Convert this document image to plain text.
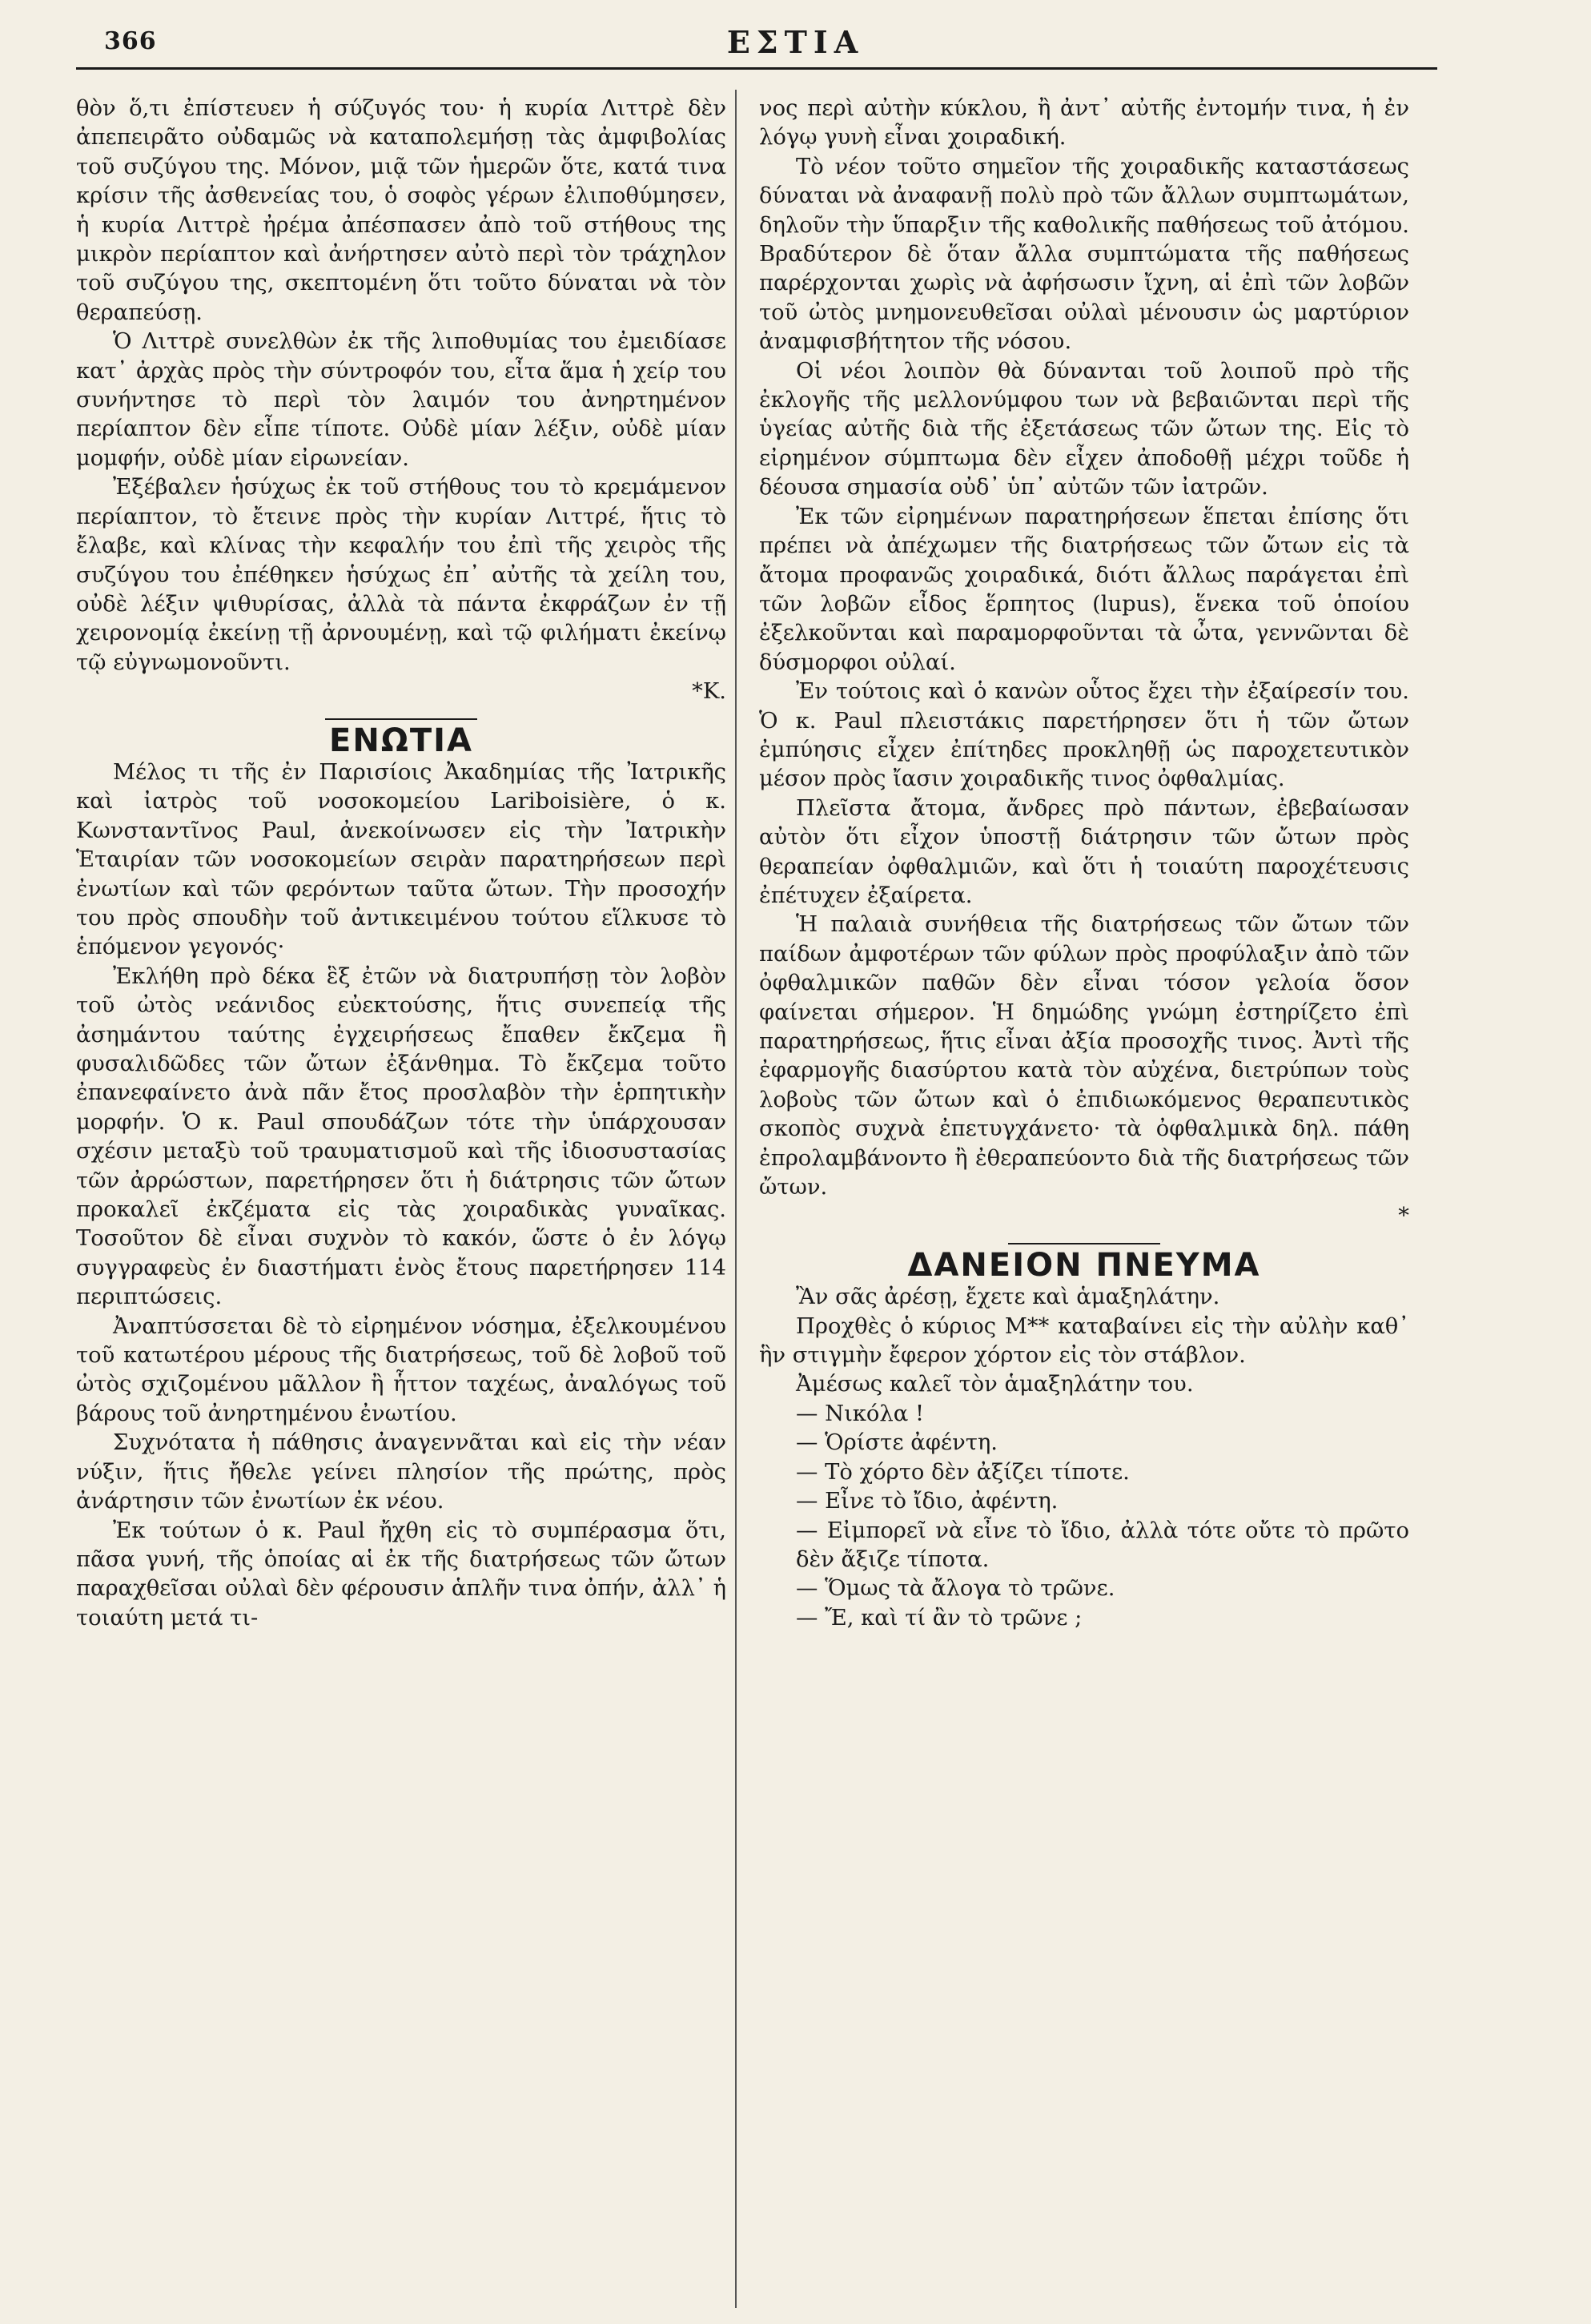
366	ΕΣΤΙΑ

θὸν ὅ,τι ἐπίστευεν ἡ σύζυγός του· ἡ κυρία Λιττρὲ δὲν ἀπεπειρᾶτο οὐδαμῶς νὰ καταπολεμήσῃ τὰς ἀμφιβολίας τοῦ συζύγου της. Μόνον, μιᾷ τῶν ἡμερῶν ὅτε, κατά τινα κρίσιν τῆς ἀσθενείας του, ὁ σοφὸς γέρων ἐλιποθύμησεν, ἡ κυρία Λιττρὲ ἠρέμα ἀπέσπασεν ἀπὸ τοῦ στήθους της μικρὸν περίαπτον καὶ ἀνήρτησεν αὐτὸ περὶ τὸν τράχηλον τοῦ συζύγου της, σκεπτομένη ὅτι τοῦτο δύναται νὰ τὸν θεραπεύσῃ.

Ὁ Λιττρὲ συνελθὼν ἐκ τῆς λιποθυμίας του ἐμειδίασε κατ᾽ ἀρχὰς πρὸς τὴν σύντροφόν του, εἶτα ἅμα ἡ χείρ του συνήντησε τὸ περὶ τὸν λαιμόν του ἀνηρτημένον περίαπτον δὲν εἶπε τίποτε. Οὐδὲ μίαν λέξιν, οὐδὲ μίαν μομφήν, οὐδὲ μίαν εἰρωνείαν.

Ἐξέβαλεν ἡσύχως ἐκ τοῦ στήθους του τὸ κρεμάμενον περίαπτον, τὸ ἔτεινε πρὸς τὴν κυρίαν Λιττρέ, ἥτις τὸ ἔλαβε, καὶ κλίνας τὴν κεφαλήν του ἐπὶ τῆς χειρὸς τῆς συζύγου του ἐπέθηκεν ἡσύχως ἐπ᾽ αὐτῆς τὰ χείλη του, οὐδὲ λέξιν ψιθυρίσας, ἀλλὰ τὰ πάντα ἐκφράζων ἐν τῇ χειρονομίᾳ ἐκείνῃ τῇ ἀρνουμένῃ, καὶ τῷ φιλήματι ἐκείνῳ τῷ εὐγνωμονοῦντι.

*Κ.

ΕΝΩΤΙΑ

Μέλος τι τῆς ἐν Παρισίοις Ἀκαδημίας τῆς Ἰατρικῆς καὶ ἰατρὸς τοῦ νοσοκομείου Lariboisière, ὁ κ. Κωνσταντῖνος Paul, ἀνεκοίνωσεν εἰς τὴν Ἰατρικὴν Ἑταιρίαν τῶν νοσοκομείων σειρὰν παρατηρήσεων περὶ ἐνωτίων καὶ τῶν φερόντων ταῦτα ὤτων. Τὴν προσοχήν του πρὸς σπουδὴν τοῦ ἀντικειμένου τούτου εἵλκυσε τὸ ἑπόμενον γεγονός·

Ἐκλήθη πρὸ δέκα ἓξ ἐτῶν νὰ διατρυπήσῃ τὸν λοβὸν τοῦ ὠτὸς νεάνιδος εὐεκτούσης, ἥτις συνεπείᾳ τῆς ἀσημάντου ταύτης ἐγχειρήσεως ἔπαθεν ἔκζεμα ἢ φυσαλιδῶδες τῶν ὤτων ἐξάνθημα. Τὸ ἔκζεμα τοῦτο ἐπανεφαίνετο ἀνὰ πᾶν ἔτος προσλαβὸν τὴν ἑρπητικὴν μορφήν. Ὁ κ. Paul σπουδάζων τότε τὴν ὑπάρχουσαν σχέσιν μεταξὺ τοῦ τραυματισμοῦ καὶ τῆς ἰδιοσυστασίας τῶν ἀρρώστων, παρετήρησεν ὅτι ἡ διάτρησις τῶν ὤτων προκαλεῖ ἐκζέματα εἰς τὰς χοιραδικὰς γυναῖκας. Τοσοῦτον δὲ εἶναι συχνὸν τὸ κακόν, ὥστε ὁ ἐν λόγῳ συγγραφεὺς ἐν διαστήματι ἑνὸς ἔτους παρετήρησεν 114 περιπτώσεις.

Ἀναπτύσσεται δὲ τὸ εἰρημένον νόσημα, ἐξελκουμένου τοῦ κατωτέρου μέρους τῆς διατρήσεως, τοῦ δὲ λοβοῦ τοῦ ὠτὸς σχιζομένου μᾶλλον ἢ ἧττον ταχέως, ἀναλόγως τοῦ βάρους τοῦ ἀνηρτημένου ἐνωτίου.

Συχνότατα ἡ πάθησις ἀναγεννᾶται καὶ εἰς τὴν νέαν νύξιν, ἥτις ἤθελε γείνει πλησίον τῆς πρώτης, πρὸς ἀνάρτησιν τῶν ἐνωτίων ἐκ νέου.

Ἐκ τούτων ὁ κ. Paul ἤχθη εἰς τὸ συμπέρασμα ὅτι, πᾶσα γυνή, τῆς ὁποίας αἱ ἐκ τῆς διατρήσεως τῶν ὤτων παραχθεῖσαι οὐλαὶ δὲν φέρουσιν ἁπλῆν τινα ὀπήν, ἀλλ᾽ ἡ τοιαύτη μετά τι-

νος περὶ αὐτὴν κύκλου, ἢ ἀντ᾽ αὐτῆς ἐντομήν τινα, ἡ ἐν λόγῳ γυνὴ εἶναι χοιραδική.

Τὸ νέον τοῦτο σημεῖον τῆς χοιραδικῆς καταστάσεως δύναται νὰ ἀναφανῇ πολὺ πρὸ τῶν ἄλλων συμπτωμάτων, δηλοῦν τὴν ὕπαρξιν τῆς καθολικῆς παθήσεως τοῦ ἀτόμου. Βραδύτερον δὲ ὅταν ἄλλα συμπτώματα τῆς παθήσεως παρέρχονται χωρὶς νὰ ἀφήσωσιν ἴχνη, αἱ ἐπὶ τῶν λοβῶν τοῦ ὠτὸς μνημονευθεῖσαι οὐλαὶ μένουσιν ὡς μαρτύριον ἀναμφισβήτητον τῆς νόσου.

Οἱ νέοι λοιπὸν θὰ δύνανται τοῦ λοιποῦ πρὸ τῆς ἐκλογῆς τῆς μελλονύμφου των νὰ βεβαιῶνται περὶ τῆς ὑγείας αὐτῆς διὰ τῆς ἐξετάσεως τῶν ὤτων της. Εἰς τὸ εἰρημένον σύμπτωμα δὲν εἶχεν ἀποδοθῇ μέχρι τοῦδε ἡ δέουσα σημασία οὐδ᾽ ὑπ᾽ αὐτῶν τῶν ἰατρῶν.

Ἐκ τῶν εἰρημένων παρατηρήσεων ἕπεται ἐπίσης ὅτι πρέπει νὰ ἀπέχωμεν τῆς διατρήσεως τῶν ὤτων εἰς τὰ ἄτομα προφανῶς χοιραδικά, διότι ἄλλως παράγεται ἐπὶ τῶν λοβῶν εἶδος ἕρπητος (lupus), ἕνεκα τοῦ ὁποίου ἐξελκοῦνται καὶ παραμορφοῦνται τὰ ὦτα, γεννῶνται δὲ δύσμορφοι οὐλαί.

Ἐν τούτοις καὶ ὁ κανὼν οὗτος ἔχει τὴν ἐξαίρεσίν του. Ὁ κ. Paul πλειστάκις παρετήρησεν ὅτι ἡ τῶν ὤτων ἐμπύησις εἶχεν ἐπίτηδες προκληθῇ ὡς παροχετευτικὸν μέσον πρὸς ἴασιν χοιραδικῆς τινος ὀφθαλμίας.

Πλεῖστα ἄτομα, ἄνδρες πρὸ πάντων, ἐβεβαίωσαν αὐτὸν ὅτι εἶχον ὑποστῇ διάτρησιν τῶν ὤτων πρὸς θεραπείαν ὀφθαλμιῶν, καὶ ὅτι ἡ τοιαύτη παροχέτευσις ἐπέτυχεν ἐξαίρετα.

Ἡ παλαιὰ συνήθεια τῆς διατρήσεως τῶν ὤτων τῶν παίδων ἀμφοτέρων τῶν φύλων πρὸς προφύλαξιν ἀπὸ τῶν ὀφθαλμικῶν παθῶν δὲν εἶναι τόσον γελοία ὅσον φαίνεται σήμερον. Ἡ δημώδης γνώμη ἐστηρίζετο ἐπὶ παρατηρήσεως, ἥτις εἶναι ἀξία προσοχῆς τινος. Ἀντὶ τῆς ἐφαρμογῆς διασύρτου κατὰ τὸν αὐχένα, διετρύπων τοὺς λοβοὺς τῶν ὤτων καὶ ὁ ἐπιδιωκόμενος θεραπευτικὸς σκοπὸς συχνὰ ἐπετυγχάνετο· τὰ ὀφθαλμικὰ δηλ. πάθη ἐπρολαμβάνοντο ἢ ἐθεραπεύοντο διὰ τῆς διατρήσεως τῶν ὤτων.

*

ΔΑΝΕΙΟΝ ΠΝΕΥΜΑ

Ἂν σᾶς ἀρέσῃ, ἔχετε καὶ ἁμαξηλάτην.

Προχθὲς ὁ κύριος Μ** καταβαίνει εἰς τὴν αὐλὴν καθ᾽ ἣν στιγμὴν ἔφερον χόρτον εἰς τὸν στάβλον.

Ἀμέσως καλεῖ τὸν ἁμαξηλάτην του.

— Νικόλα !

— Ὁρίστε ἀφέντη.

— Τὸ χόρτο δὲν ἀξίζει τίποτε.

— Εἶνε τὸ ἴδιο, ἀφέντη.

— Εἰμπορεῖ νὰ εἶνε τὸ ἴδιο, ἀλλὰ τότε οὔτε τὸ πρῶτο δὲν ἄξιζε τίποτα.

— Ὅμως τὰ ἄλογα τὸ τρῶνε.

— Ἔ, καὶ τί ἂν τὸ τρῶνε ;
